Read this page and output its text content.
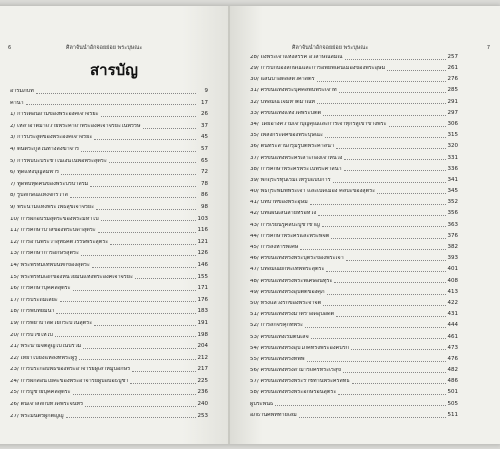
6	ศิลาจันนำอักจอยย่อย พระบุษณะ
สารบัญ
อารัมภบท	9
คำนำ	17
1/ การเตือนถามของพระองค์เจ้าจริยะ	26
2/ เหล่าอาตมาถวายพระคาถาพระองค์เจ้าจริยะในพรรษ์	37
3/ การประสูติของพระองค์เจ้าจริยะ	45
4/ ต้นตระกูลในทางสังฆาจาร	57
5/ การพบปะประชาในเงินในพ่อพระสุตระ	65
6/ ทุดแห่งบุญสัมพาร	72
7/ ทูดพบทุดคนของพระบริบาลรม	78
8/ รูปลักษณ์แห่งจักรวาล	86
9/ พระนามแห่งพระโพธิสุขเจ้าจริยะ	98
10/ การฝึกอบรมสุตระของพระมหาไป	103
11/ การศึกษาบาลีของพระบิดาสุตระ	116
12/ การอ่านพระวาสุทธ์ศตวรรษพระสุตระ	121
13/ การศึกษาการอักษรสุตระ	126
14/ พระพรหมเทพบันทึกของสุตระ	146
15/ พระพรหมเอกของหน่วยมันแห่งพระองค์เจ้าจริยะ	155
16/ การศึกษาบุคคลสุตระ	171
17/ การประถมเลียะ	176
18/ การพบที่ยมนา	183
19/ การพยาบาลด้วยกระบวนสุตระ	191
20/ การบวชให้ไป	198
21/ พระนามจิตสูญไปในปีร่วม	204
22/ เหย้าไปยังแหล่งที่พระผู้รู้	212
23/ การประกอบพิธีของพระอาจารย์ผู้เลาหมู่ปีอักษร	217
24/ การฝึกสอนโยคะของพระอาจารย์ผู้บีอัปอธิบูชา	225
25/ การบูชายบุคคลสุตระ	236
26/ ต้นเจ้าสลักปีที่วัดพระจันทร์	240
27/ พระมนตร์ผู้กตัญญู	253
7
ศิลาจันนำอักจอยย่อย พระบุษณะ
28/ ถึงพระเจ้าแห่งสรรค์ อวสาษณสมณ์	257
29/ การปกป้องลักษณ์และการอพยพเดินเมืองของพระอุษม	261
30/ แสนปาอัตสสัตว์ศาสตร์	276
31/ ศรีขนแท่งพระบุคคลพบพระเจ้าที่	285
32/ บทสมณ์ใจมหาตมาณีที่	291
33/ ศรีขนแท่งแห่งวัดพระบัตติ	297
34/ โดยอ้างความเจ้าบุญคุณและการเจ้าทุกรสูเข้าข้างพระ	306
35/ เพลงกระดีศของพระบุษณะ	315
36/ ต้นทระสำนักรุมรูปัติพระศาสนา	320
37/ ศรีขนแท่งพระศรีเสาะกองเจ้าหนวง	331
38/ การศึกษาพระศรีพระไปพระศาสนา	336
39/ พิกฤระรทุนเริ่มเวทีรูปแบบการ	341
40/ พิธีกุระพิมพ์พระเจ้า และเปิดเมือง ศิลปะของสุตระ	345
41/ บทบาทของพระอุษม	352
42/ บทแผนเส้นลายหรือหวง	356
43/ การเรียนรู้ศิลปะบูชาชาญ	363
44/ การศึกษาพระศรีและพระพิจิต	376
45/ การสังหารพิเศษ	382
46/ ศรีขนแท่งทรงพระบุตระของพระเจ้า	393
47/ บทสมณ์ยกทะเทพพระสุตระ	401
48/ ศรีขนแท่งทรงพระพิเศษอินทุระ	408
49/ ศรีขนแท่งทรงอุปัตติของศุภ	413
50/ ทรงแสวงรักของพระจำจิต	422
51/ ศรีขนแท่งทรงมาตราอดอุปอดีต	431
52/ การสักจรคุกทพระ	444
53/ ศรีขนแท่งเริ่มต้นเลจ	461
54/ ศรีขนแท่งทรงอุปโภคทรงพระองค์บริกิ	473
55/ ศรีขนแท่งทรงทิพพ์	476
56/ ศรีขนแท่งทรงสามารถศรีทระเรสุข	482
57/ ศรีขนแท่งทรงพระราชทานพระศรีสิทธิ์	486
58/ ศรีขนแท่งทรงพระอักษรอันสุตระ	501
ผู้ประพันธ์	505
อภิธานศัพท์ท้ายเล่ม	511
